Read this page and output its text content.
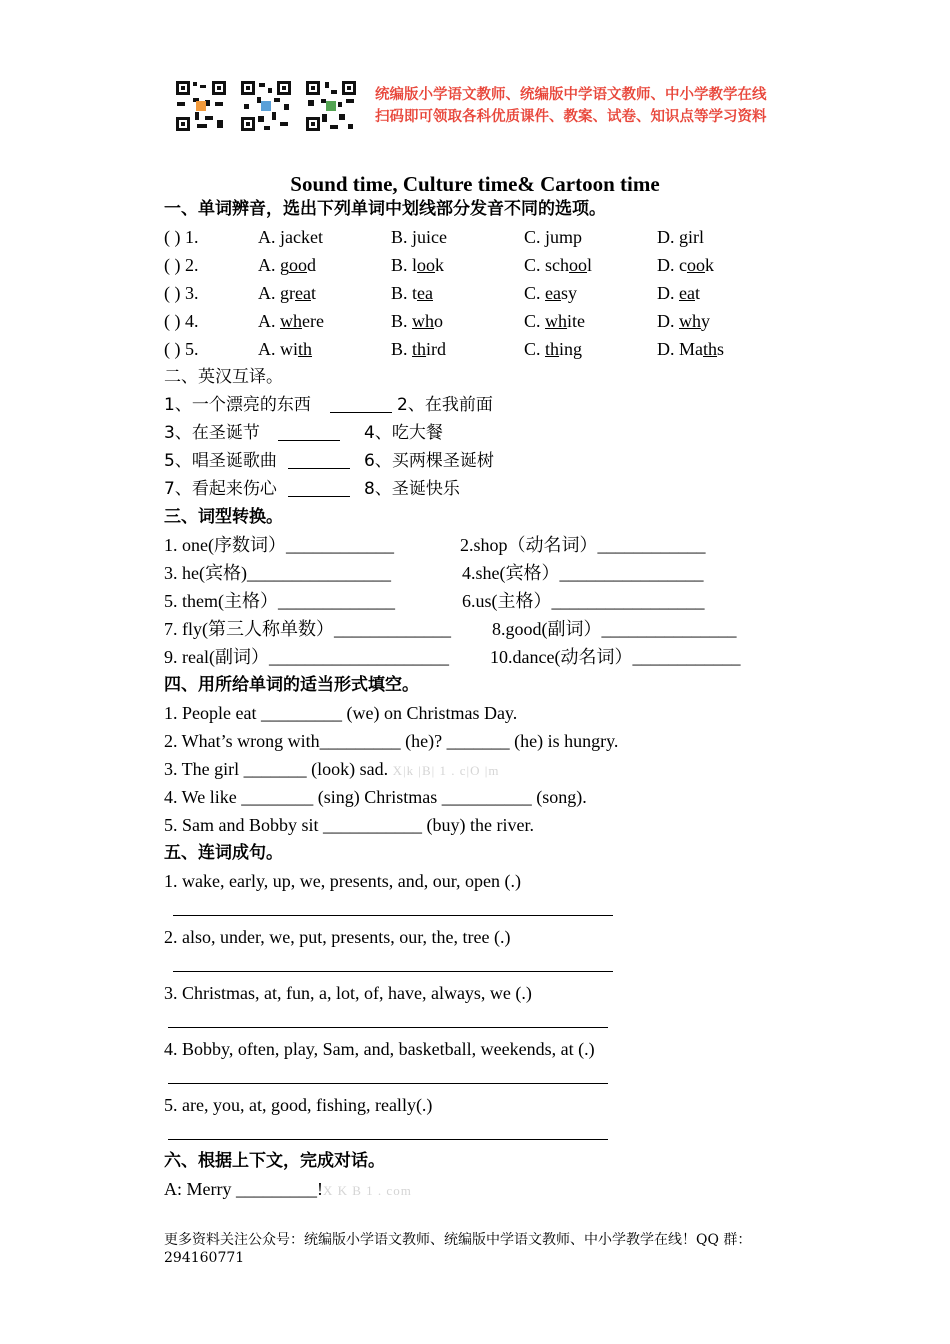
统编版小学语文教师、统编版中学语文教师、中小学教学在线
扫码即可领取各科优质课件、教案、试卷、知识点等学习资料
Sound time, Culture time& Cartoon time
一、单词辨音，选出下列单词中划线部分发音不同的选项。
( ) 1.	A. jacket	B. juice	C. jump	D. girl
( ) 2.	A. good	B. look	C. school	D. cook
( ) 3.	A. great	B. tea	C. easy	D. eat
( ) 4.	A. where	B. who	C. white	D. why
( ) 5.	A. with	B. third	C. thing	D. Maths
二、英汉互译。
1、一个漂亮的东西	2、在我前面
3、在圣诞节	4、吃大餐
5、唱圣诞歌曲	6、买两棵圣诞树
7、看起来伤心	8、圣诞快乐
三、词型转换。
1. one(序数词）____________	2.shop（动名词）____________
3. he(宾格)________________	4.she(宾格）________________
5. them(主格）_____________	6.us(主格）_________________
7. fly(第三人称单数）_____________ 8.good(副词）_______________
9. real(副词）____________________ 10.dance(动名词）____________
四、用所给单词的适当形式填空。
1. People eat _________ (we) on Christmas Day.
2. What’s wrong with_________ (he)? _______ (he) is hungry.
3. The girl _______ (look) sad. X|k |B| 1 . c|O |m
4. We like ________ (sing) Christmas __________ (song).
5. Sam and Bobby sit ___________ (buy) the river.
五、连词成句。
1. wake, early, up, we, presents, and, our, open (.)
2. also, under, we, put, presents, our, the, tree (.)
3. Christmas, at, fun, a, lot, of, have, always, we (.)
4. Bobby, often, play, Sam, and, basketball, weekends, at (.)
5. are, you, at, good, fishing, really(.)
六、根据上下文，完成对话。
A: Merry _________!X K B 1 . com
更多资料关注公众号：统编版小学语文教师、统编版中学语文教师、中小学教学在线！QQ 群：294160771
